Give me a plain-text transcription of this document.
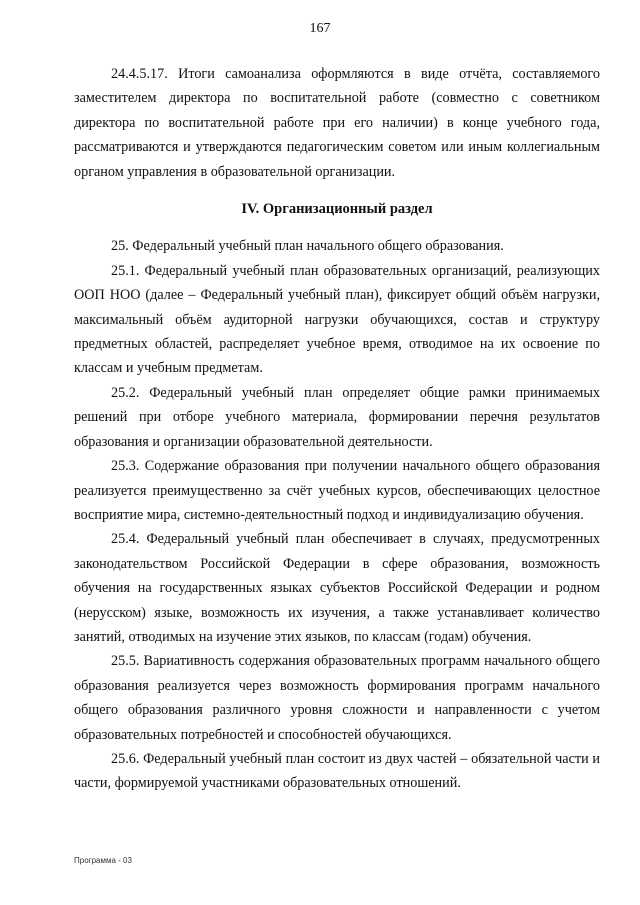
167

24.4.5.17. Итоги самоанализа оформляются в виде отчёта, составляемого заместителем директора по воспитательной работе (совместно с советником директора по воспитательной работе при его наличии) в конце учебного года, рассматриваются и утверждаются педагогическим советом или иным коллегиальным органом управления в образовательной организации.

IV. Организационный раздел

25. Федеральный учебный план начального общего образования.

25.1. Федеральный учебный план образовательных организаций, реализующих ООП НОО (далее – Федеральный учебный план), фиксирует общий объём нагрузки, максимальный объём аудиторной нагрузки обучающихся, состав и структуру предметных областей, распределяет учебное время, отводимое на их освоение по классам и учебным предметам.

25.2. Федеральный учебный план определяет общие рамки принимаемых решений при отборе учебного материала, формировании перечня результатов образования и организации образовательной деятельности.

25.3. Содержание образования при получении начального общего образования реализуется преимущественно за счёт учебных курсов, обеспечивающих целостное восприятие мира, системно-деятельностный подход и индивидуализацию обучения.

25.4. Федеральный учебный план обеспечивает в случаях, предусмотренных законодательством Российской Федерации в сфере образования, возможность обучения на государственных языках субъектов Российской Федерации и родном (нерусском) языке, возможность их изучения, а также устанавливает количество занятий, отводимых на изучение этих языков, по классам (годам) обучения.

25.5. Вариативность содержания образовательных программ начального общего образования реализуется через возможность формирования программ начального общего образования различного уровня сложности и направленности с учетом образовательных потребностей и способностей обучающихся.

25.6. Федеральный учебный план состоит из двух частей – обязательной части и части, формируемой участниками образовательных отношений.

Программа - 03
